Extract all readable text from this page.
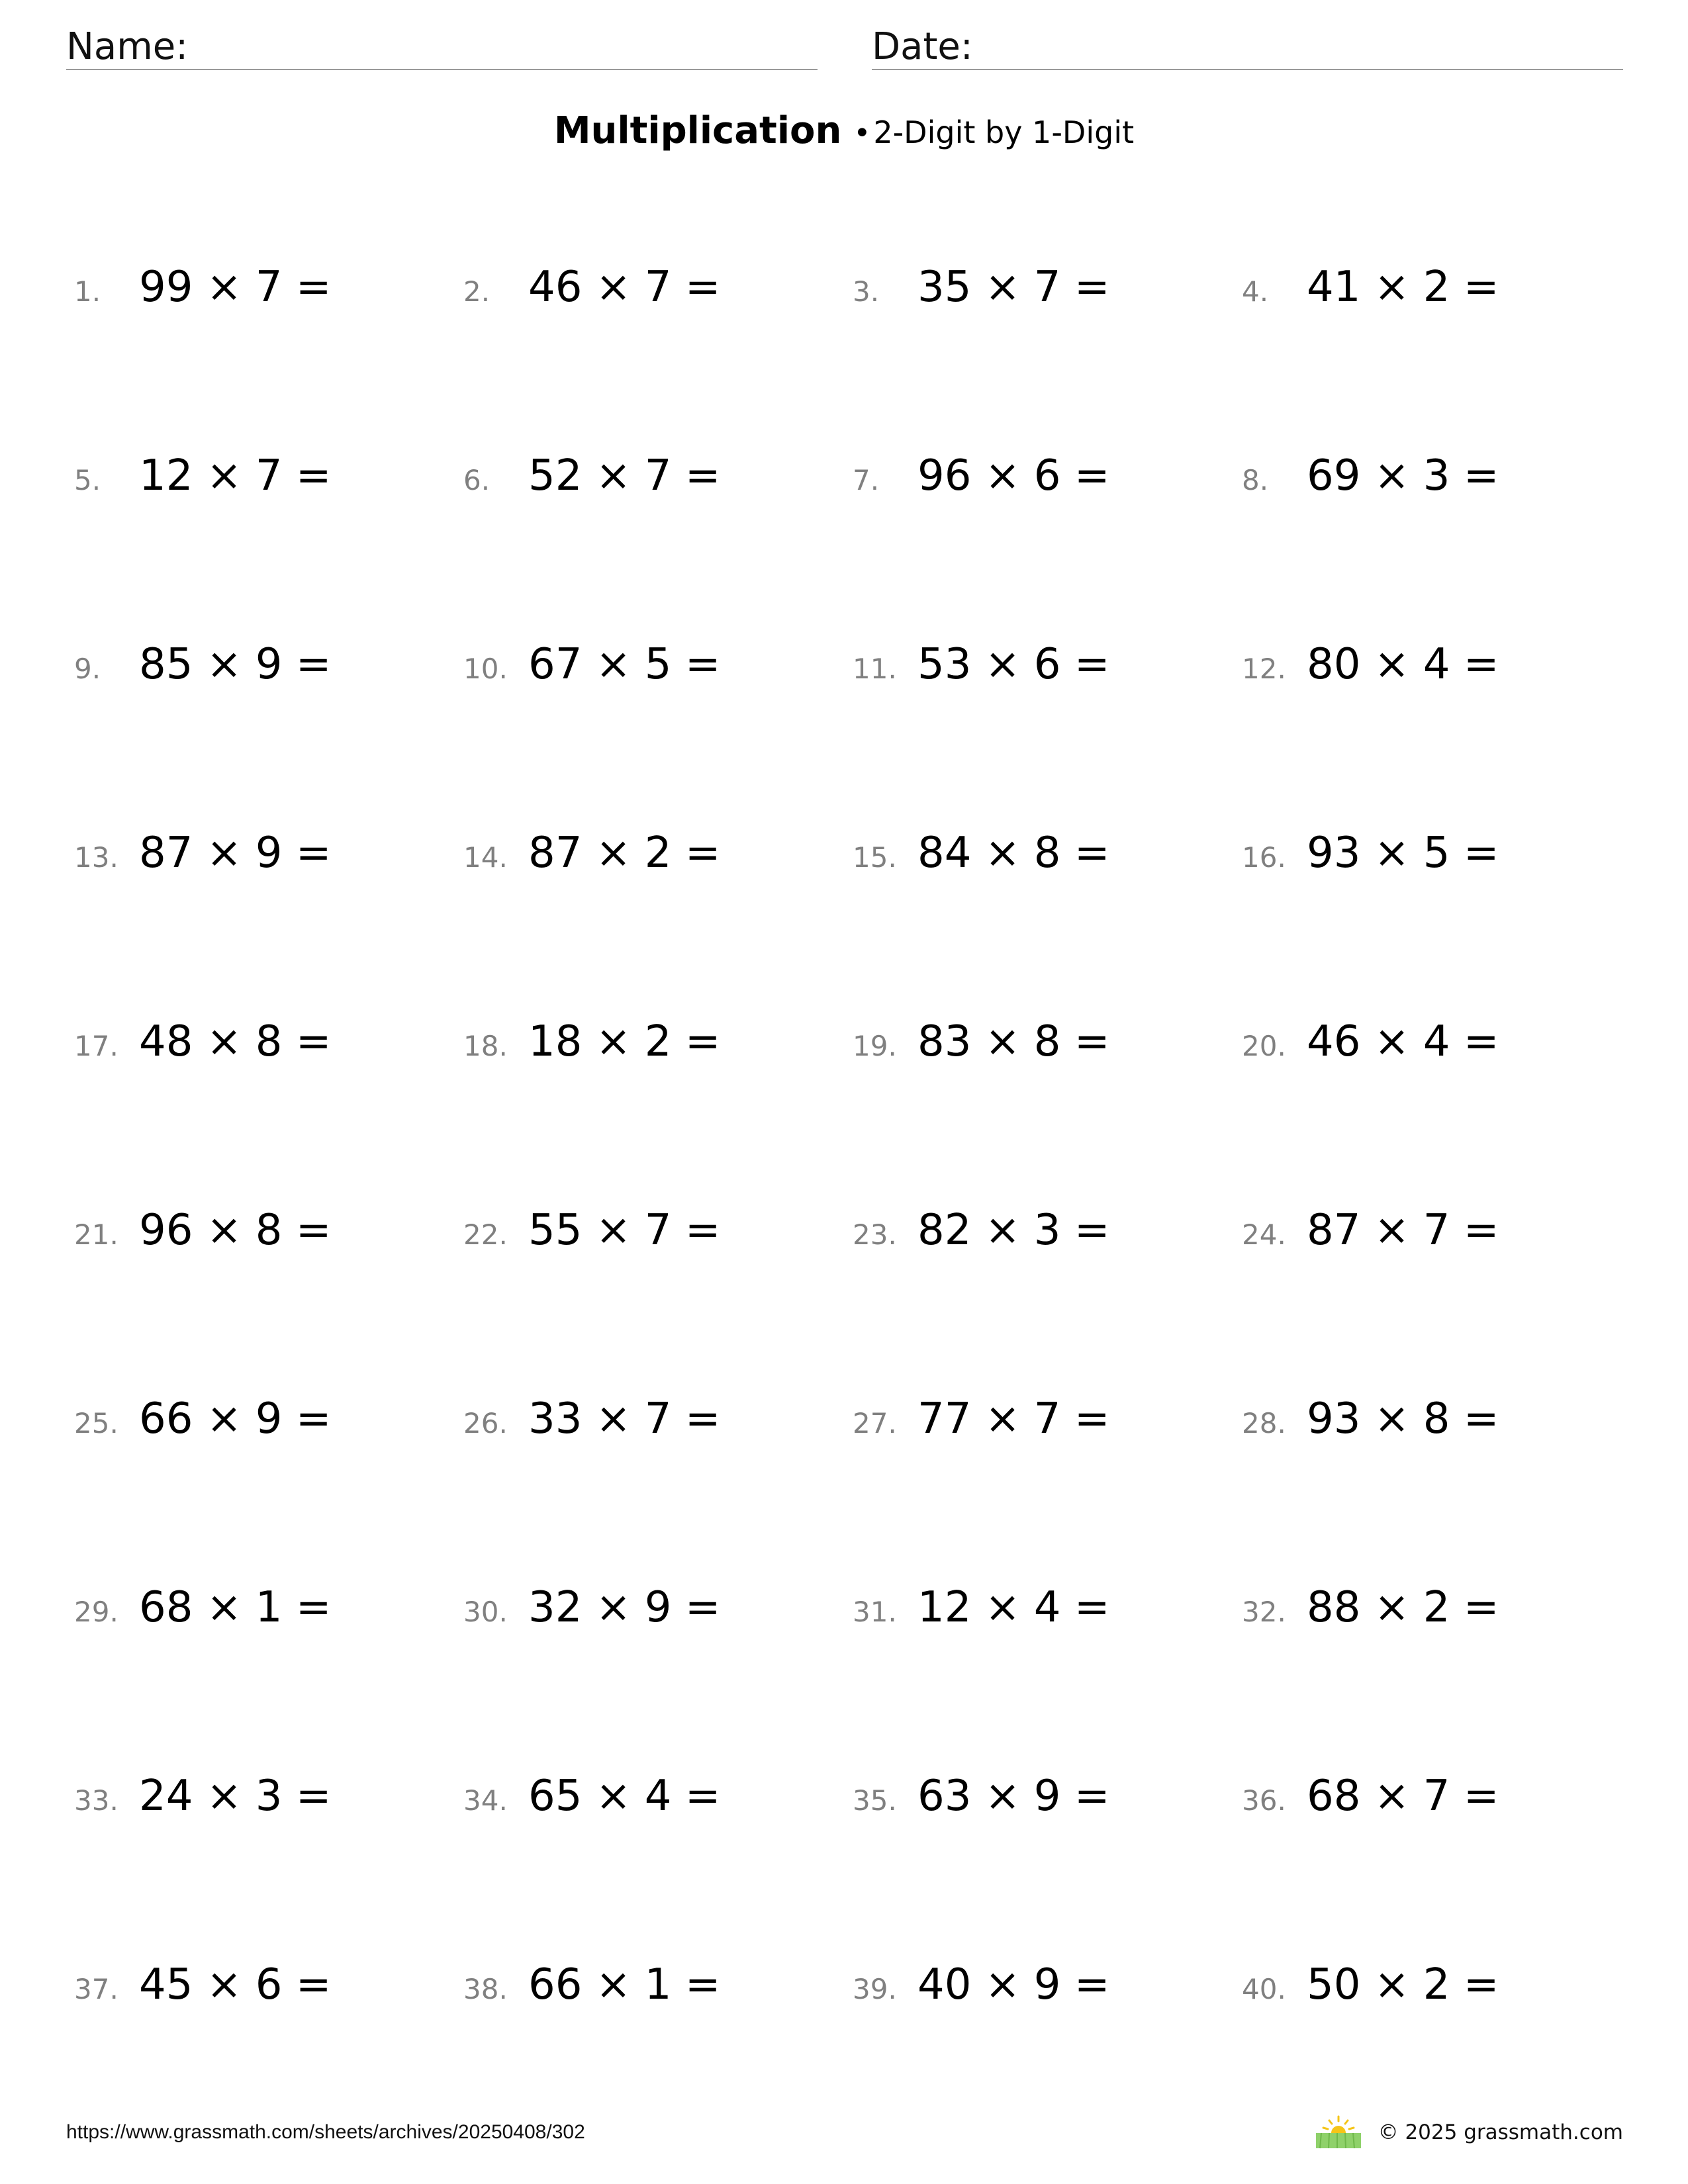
Name:	Date:
Multiplication •2-Digit by 1-Digit
1. 99 × 7 =	2. 46 × 7 =	3. 35 × 7 =	4. 41 × 2 =
5. 12 × 7 =	6. 52 × 7 =	7. 96 × 6 =	8. 69 × 3 =
9. 85 × 9 =	10. 67 × 5 =	11. 53 × 6 =	12. 80 × 4 =
13. 87 × 9 =	14. 87 × 2 =	15. 84 × 8 =	16. 93 × 5 =
17. 48 × 8 =	18. 18 × 2 =	19. 83 × 8 =	20. 46 × 4 =
21. 96 × 8 =	22. 55 × 7 =	23. 82 × 3 =	24. 87 × 7 =
25. 66 × 9 =	26. 33 × 7 =	27. 77 × 7 =	28. 93 × 8 =
29. 68 × 1 =	30. 32 × 9 =	31. 12 × 4 =	32. 88 × 2 =
33. 24 × 3 =	34. 65 × 4 =	35. 63 × 9 =	36. 68 × 7 =
37. 45 × 6 =	38. 66 × 1 =	39. 40 × 9 =	40. 50 × 2 =
https://www.grassmath.com/sheets/archives/20250408/302	© 2025 grassmath.com
